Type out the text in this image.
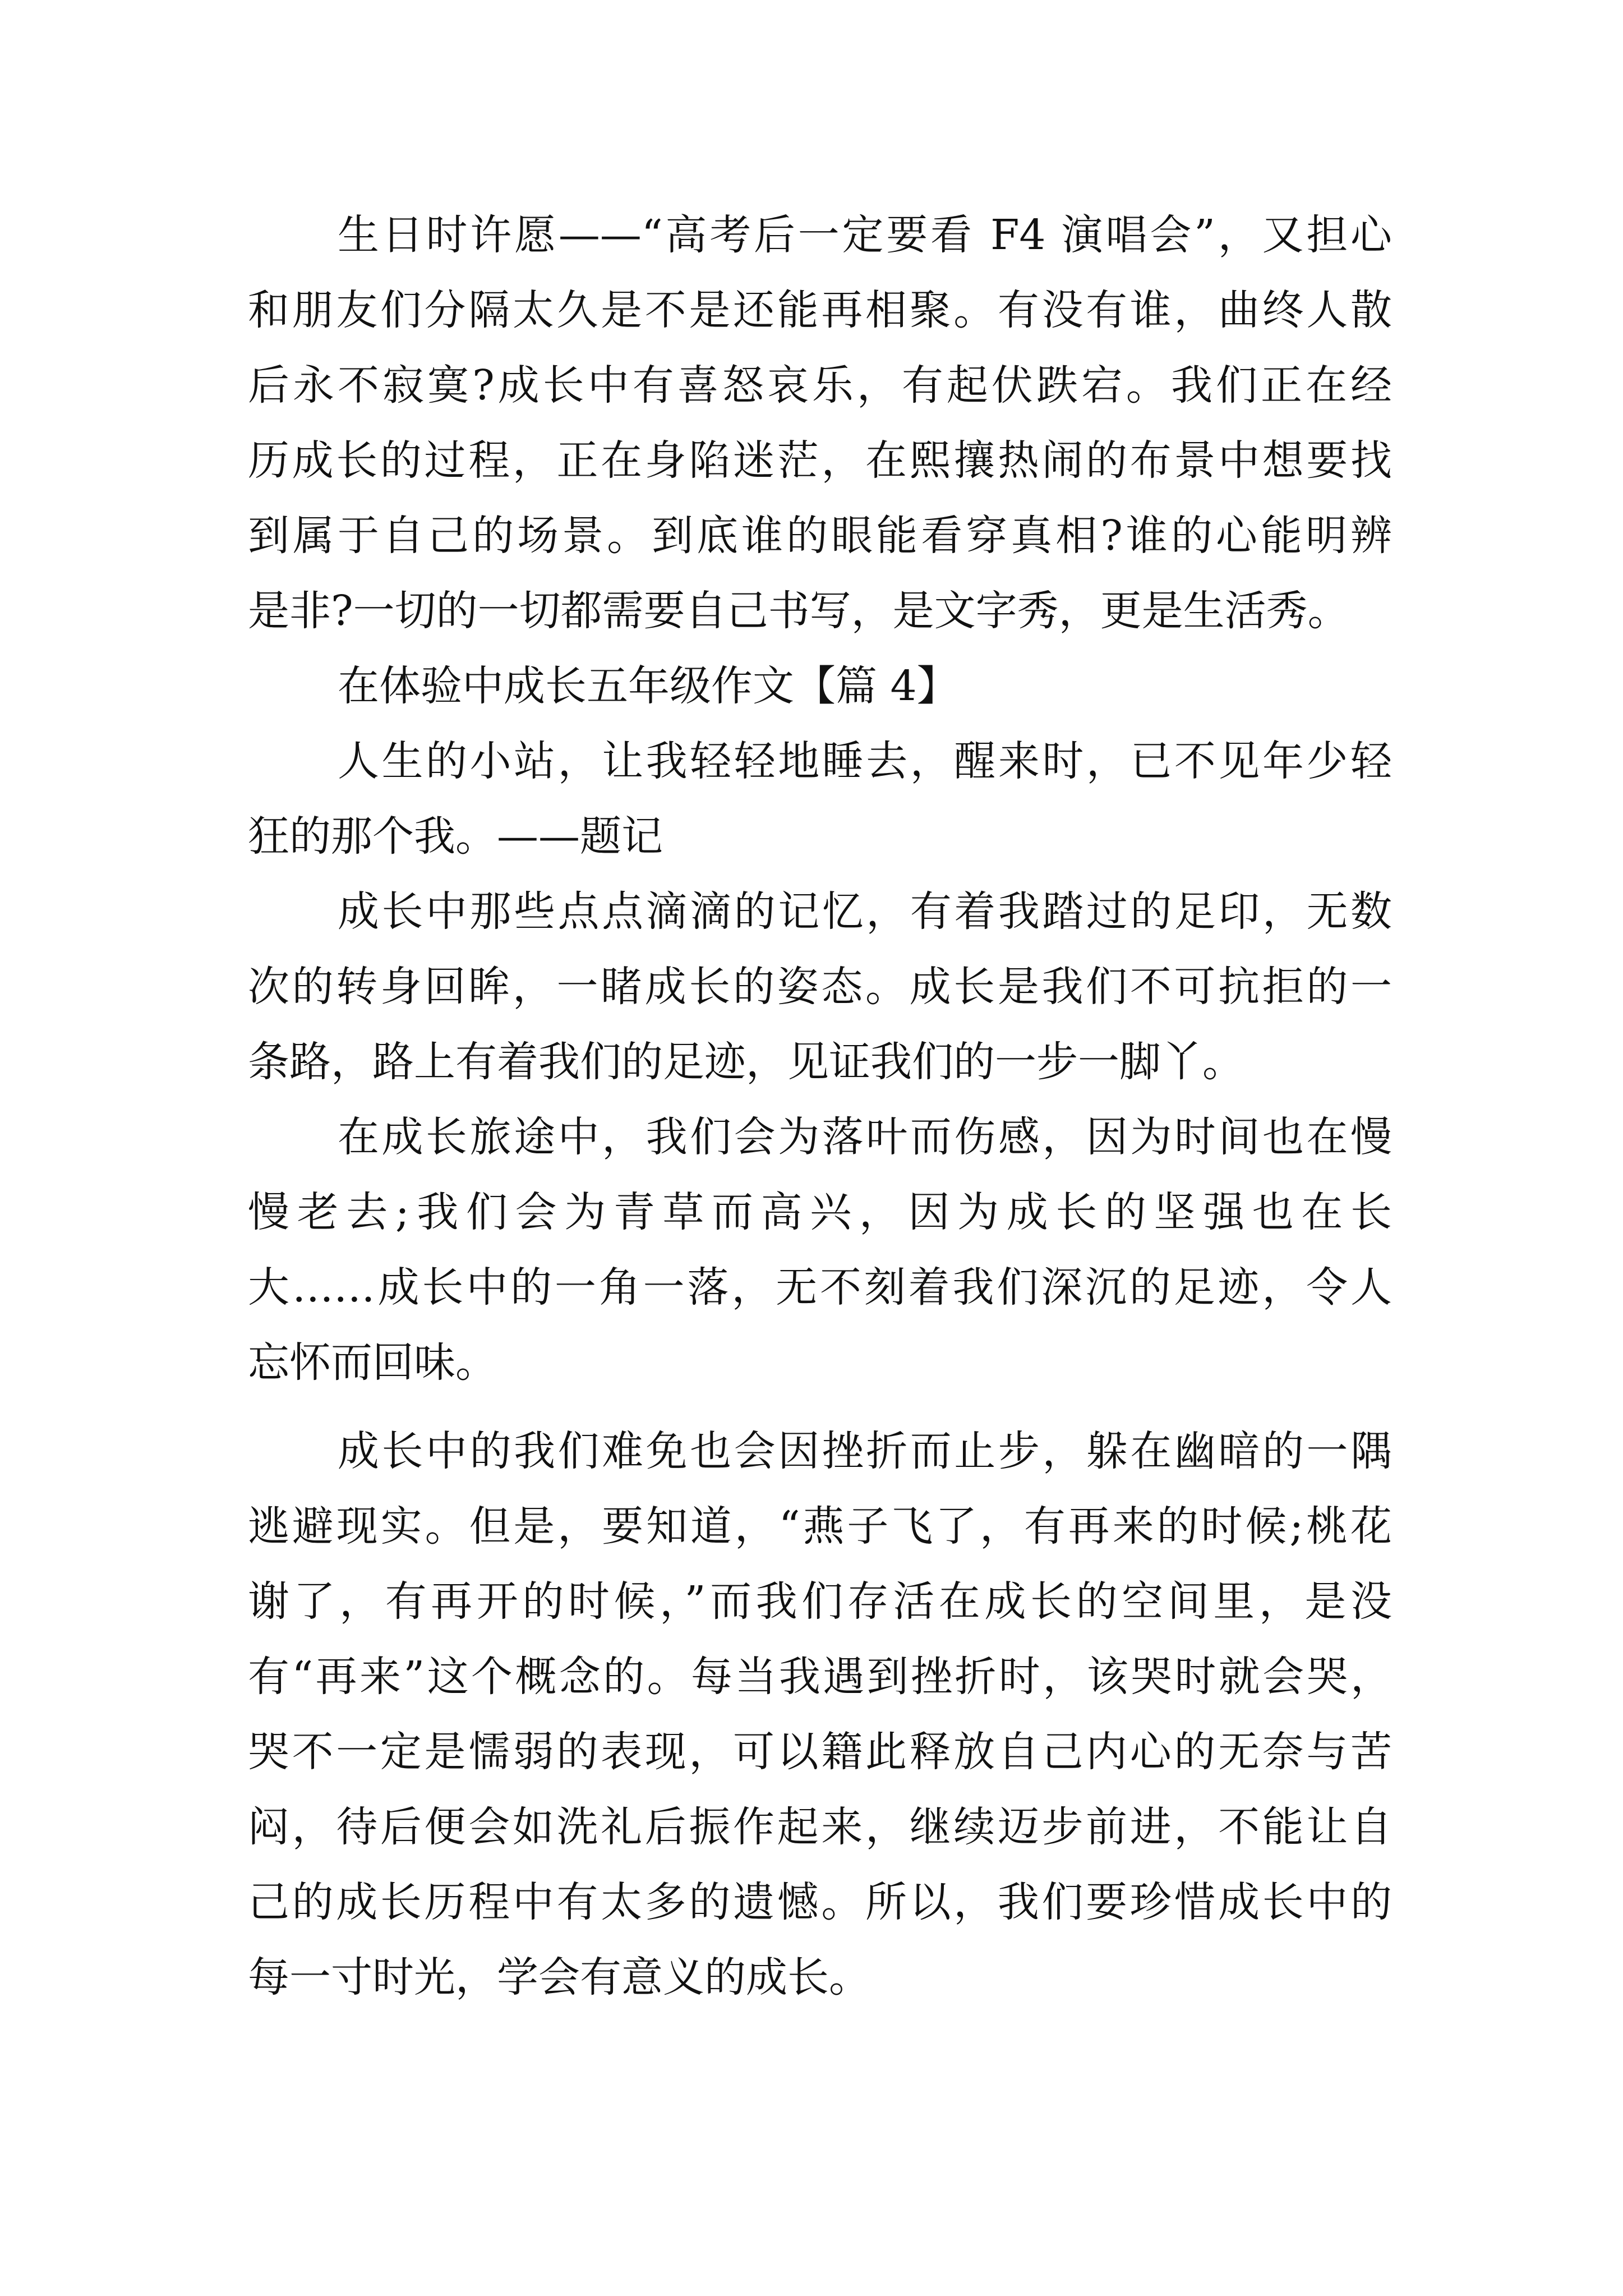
生日时许愿——“高考后一定要看 F4 演唱会”，又担心
和朋友们分隔太久是不是还能再相聚。有没有谁，曲终人散
后永不寂寞?成长中有喜怒哀乐，有起伏跌宕。我们正在经
历成长的过程，正在身陷迷茫，在熙攘热闹的布景中想要找
到属于自己的场景。到底谁的眼能看穿真相?谁的心能明辨
是非?一切的一切都需要自己书写，是文字秀，更是生活秀。
在体验中成长五年级作文【篇 4】
人生的小站，让我轻轻地睡去，醒来时，已不见年少轻
狂的那个我。——题记
成长中那些点点滴滴的记忆，有着我踏过的足印，无数
次的转身回眸，一睹成长的姿态。成长是我们不可抗拒的一
条路，路上有着我们的足迹，见证我们的一步一脚丫。
在成长旅途中，我们会为落叶而伤感，因为时间也在慢
慢老去;我们会为青草而高兴，因为成长的坚强也在长
大……成长中的一角一落，无不刻着我们深沉的足迹，令人
忘怀而回味。
成长中的我们难免也会因挫折而止步，躲在幽暗的一隅
逃避现实。但是，要知道，“燕子飞了，有再来的时候;桃花
谢了，有再开的时候，”而我们存活在成长的空间里，是没
有“再来”这个概念的。每当我遇到挫折时，该哭时就会哭，
哭不一定是懦弱的表现，可以籍此释放自己内心的无奈与苦
闷，待后便会如洗礼后振作起来，继续迈步前进，不能让自
己的成长历程中有太多的遗憾。所以，我们要珍惜成长中的
每一寸时光，学会有意义的成长。
